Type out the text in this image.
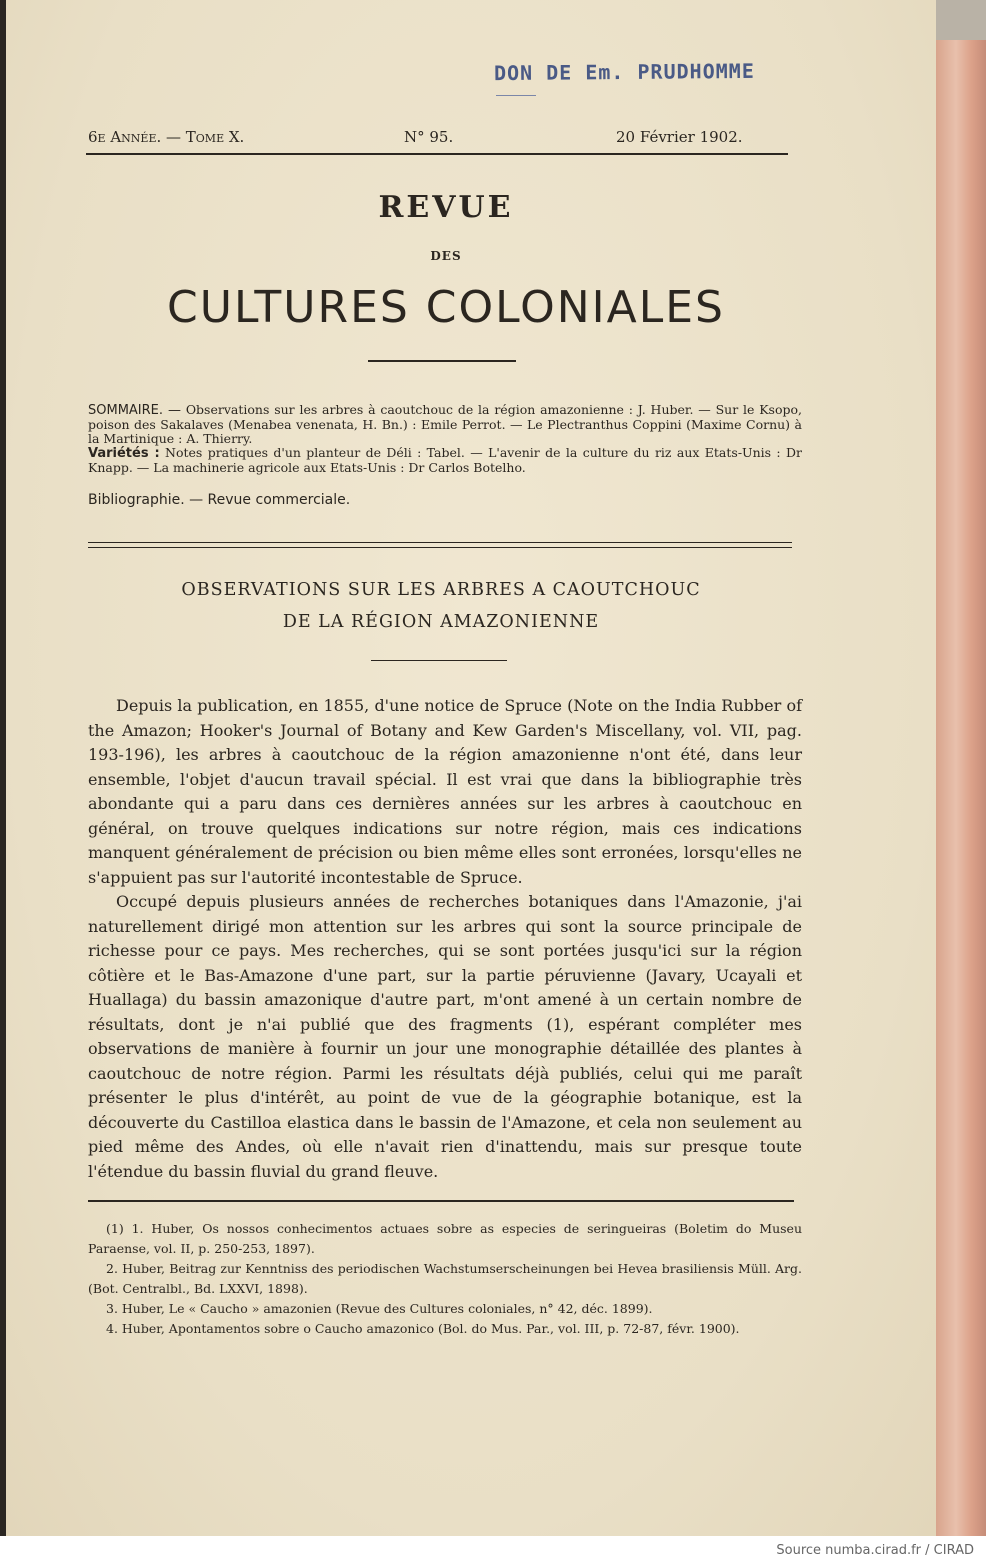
DON DE Em. PRUDHOMME
6e Année. — Tome X.	N° 95.	20 Février 1902.
REVUE
DES
CULTURES COLONIALES
SOMMAIRE. — Observations sur les arbres à caoutchouc de la région amazonienne : J. Huber. — Sur le Ksopo, poison des Sakalaves (Menabea venenata, H. Bn.) : Emile Perrot. — Le Plectranthus Coppini (Maxime Cornu) à la Martinique : A. Thierry.
Variétés : Notes pratiques d'un planteur de Déli : Tabel. — L'avenir de la culture du riz aux Etats-Unis : Dr Knapp. — La machinerie agricole aux Etats-Unis : Dr Carlos Botelho.
Bibliographie. — Revue commerciale.
OBSERVATIONS SUR LES ARBRES A CAOUTCHOUC
DE LA RÉGION AMAZONIENNE

Depuis la publication, en 1855, d'une notice de Spruce (Note on the India Rubber of the Amazon; Hooker's Journal of Botany and Kew Garden's Miscellany, vol. VII, pag. 193-196), les arbres à caoutchouc de la région amazonienne n'ont été, dans leur ensemble, l'objet d'aucun travail spécial. Il est vrai que dans la bibliographie très abondante qui a paru dans ces dernières années sur les arbres à caoutchouc en général, on trouve quelques indications sur notre région, mais ces indications manquent généralement de précision ou bien même elles sont erronées, lorsqu'elles ne s'appuient pas sur l'autorité incontestable de Spruce.

Occupé depuis plusieurs années de recherches botaniques dans l'Amazonie, j'ai naturellement dirigé mon attention sur les arbres qui sont la source principale de richesse pour ce pays. Mes recherches, qui se sont portées jusqu'ici sur la région côtière et le Bas-Amazone d'une part, sur la partie péruvienne (Javary, Ucayali et Huallaga) du bassin amazonique d'autre part, m'ont amené à un certain nombre de résultats, dont je n'ai publié que des fragments (1), espérant compléter mes observations de manière à fournir un jour une monographie détaillée des plantes à caoutchouc de notre région. Parmi les résultats déjà publiés, celui qui me paraît présenter le plus d'intérêt, au point de vue de la géographie botanique, est la découverte du Castilloa elastica dans le bassin de l'Amazone, et cela non seulement au pied même des Andes, où elle n'avait rien d'inattendu, mais sur presque toute l'étendue du bassin fluvial du grand fleuve.

(1) 1. Huber, Os nossos conhecimentos actuaes sobre as especies de seringueiras (Boletim do Museu Paraense, vol. II, p. 250-253, 1897).

2. Huber, Beitrag zur Kenntniss des periodischen Wachstumserscheinungen bei Hevea brasiliensis Müll. Arg. (Bot. Centralbl., Bd. LXXVI, 1898).

3. Huber, Le « Caucho » amazonien (Revue des Cultures coloniales, n° 42, déc. 1899).

4. Huber, Apontamentos sobre o Caucho amazonico (Bol. do Mus. Par., vol. III, p. 72-87, févr. 1900).

Source numba.cirad.fr / CIRAD
